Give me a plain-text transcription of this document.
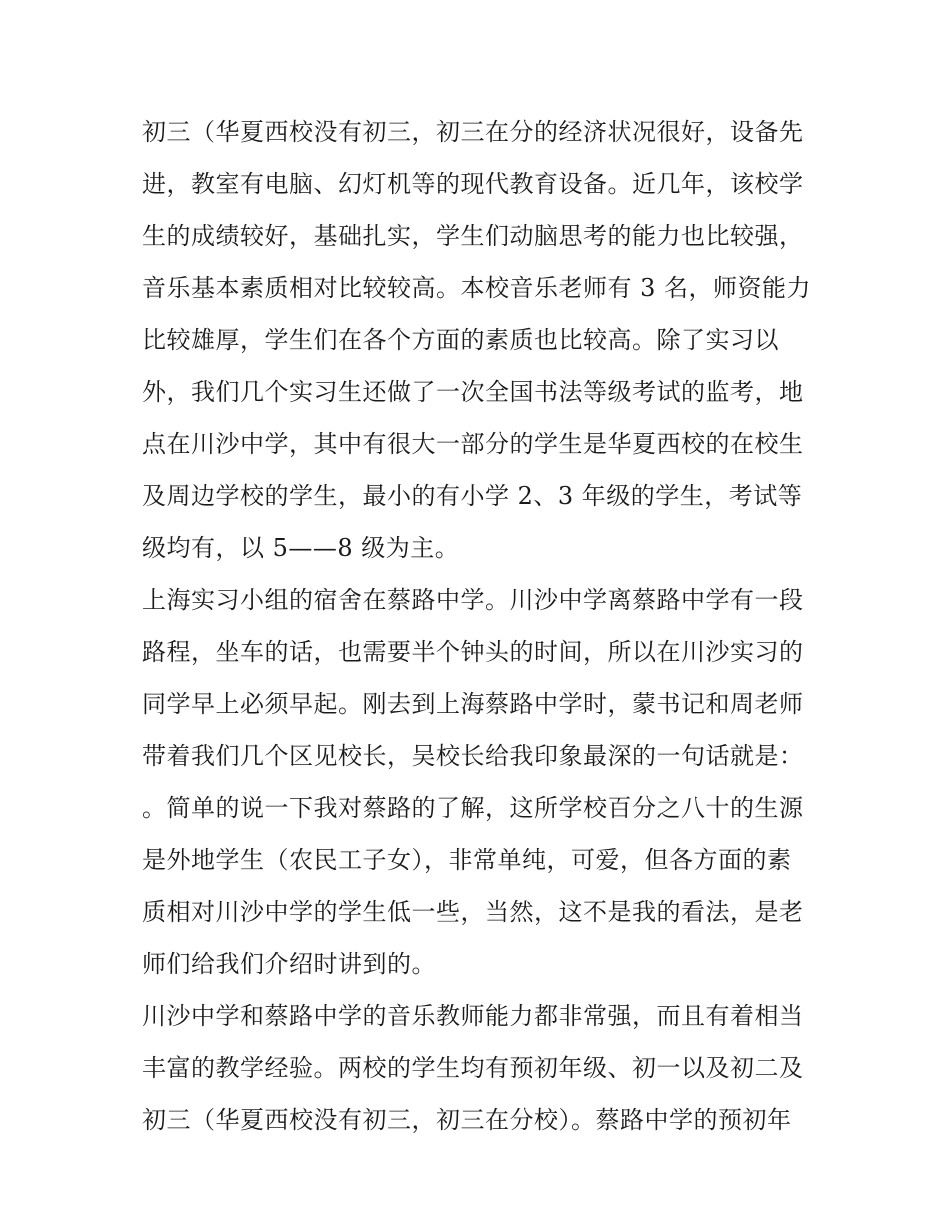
初三（华夏西校没有初三，初三在分的经济状况很好，设备先
进，教室有电脑、幻灯机等的现代教育设备。近几年，该校学
生的成绩较好，基础扎实，学生们动脑思考的能力也比较强，
音乐基本素质相对比较较高。本校音乐老师有 3 名，师资能力
比较雄厚，学生们在各个方面的素质也比较高。除了实习以
外，我们几个实习生还做了一次全国书法等级考试的监考，地
点在川沙中学，其中有很大一部分的学生是华夏西校的在校生
及周边学校的学生，最小的有小学 2、3 年级的学生，考试等
级均有，以 5——8 级为主。
上海实习小组的宿舍在蔡路中学。川沙中学离蔡路中学有一段
路程，坐车的话，也需要半个钟头的时间，所以在川沙实习的
同学早上必须早起。刚去到上海蔡路中学时，蒙书记和周老师
带着我们几个区见校长，吴校长给我印象最深的一句话就是：
。简单的说一下我对蔡路的了解，这所学校百分之八十的生源
是外地学生（农民工子女），非常单纯，可爱，但各方面的素
质相对川沙中学的学生低一些，当然，这不是我的看法，是老
师们给我们介绍时讲到的。
川沙中学和蔡路中学的音乐教师能力都非常强，而且有着相当
丰富的教学经验。两校的学生均有预初年级、初一以及初二及
初三（华夏西校没有初三，初三在分校）。蔡路中学的预初年
